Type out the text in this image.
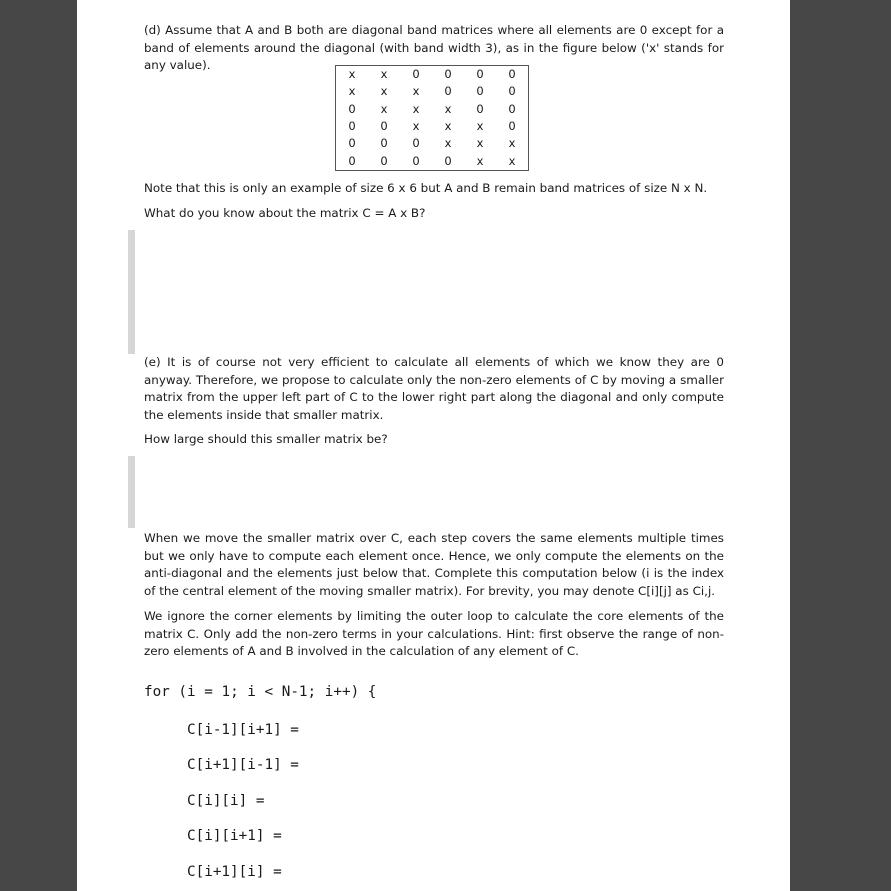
(d) Assume that A and B both are diagonal band matrices where all elements are 0 except for a band of elements around the diagonal (with band width 3), as in the figure below ('x' stands for any value).

x	x	0	0	0	0
x	x	x	0	0	0
0	x	x	x	0	0
0	0	x	x	x	0
0	0	0	x	x	x
0	0	0	0	x	x

Note that this is only an example of size 6 x 6 but A and B remain band matrices of size N x N.

What do you know about the matrix C = A x B?

(e) It is of course not very efficient to calculate all elements of which we know they are 0 anyway. Therefore, we propose to calculate only the non-zero elements of C by moving a smaller matrix from the upper left part of C to the lower right part along the diagonal and only compute the elements inside that smaller matrix.

How large should this smaller matrix be?

When we move the smaller matrix over C, each step covers the same elements multiple times but we only have to compute each element once. Hence, we only compute the elements on the anti-diagonal and the elements just below that. Complete this computation below (i is the index of the central element of the moving smaller matrix). For brevity, you may denote C[i][j] as Ci,j.

We ignore the corner elements by limiting the outer loop to calculate the core elements of the matrix C. Only add the non-zero terms in your calculations. Hint: first observe the range of non-zero elements of A and B involved in the calculation of any element of C.

for (i = 1; i < N-1; i++) {
C[i-1][i+1] =
C[i+1][i-1] =
C[i][i] =
C[i][i+1] =
C[i+1][i] =
